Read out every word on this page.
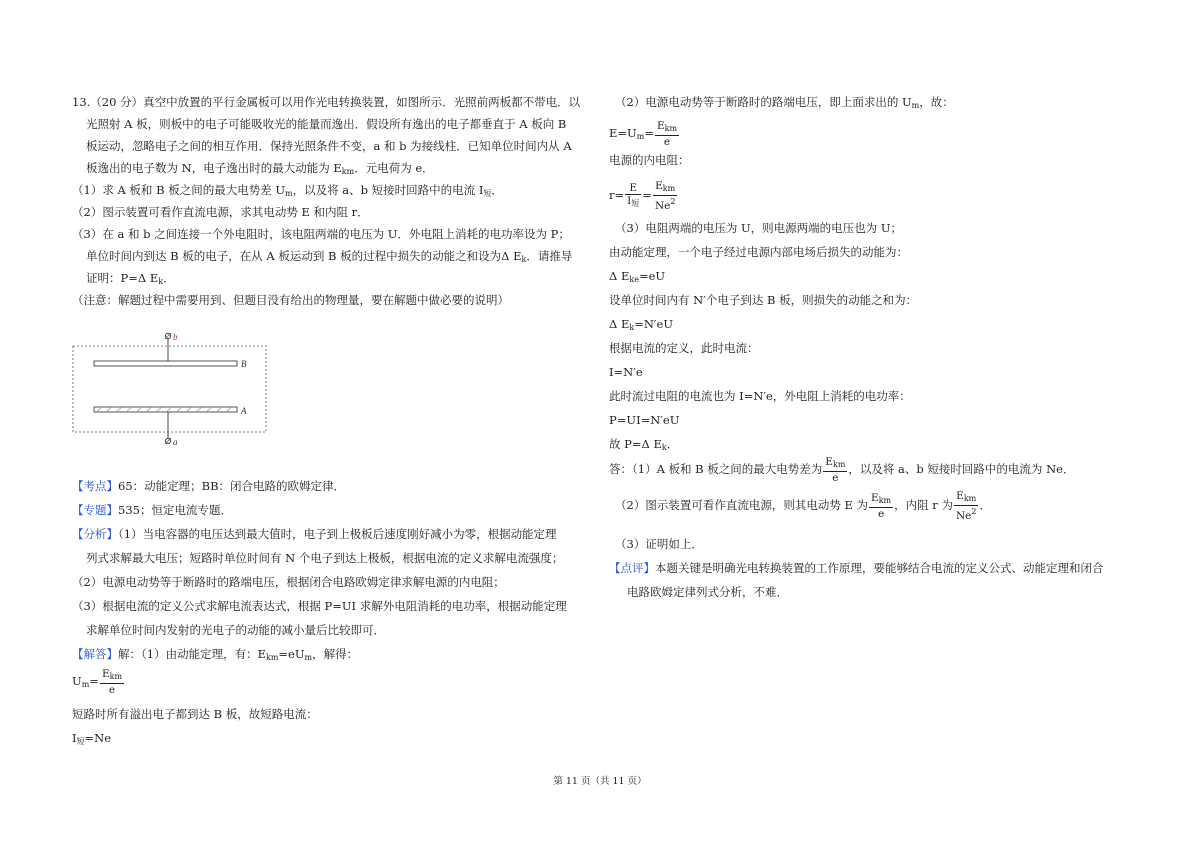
13.（20 分）真空中放置的平行金属板可以用作光电转换装置，如图所示．光照前两板都不带电．以
光照射 A 板，则板中的电子可能吸收光的能量而逸出．假设所有逸出的电子都垂直于 A 板向 B
板运动，忽略电子之间的相互作用．保持光照条件不变，a 和 b 为接线柱．已知单位时间内从 A
板逸出的电子数为 N，电子逸出时的最大动能为 $E_{km}$．元电荷为 e．
（1）求 A 板和 B 板之间的最大电势差 $U_m$，以及将 a、b 短接时回路中的电流 $I_短$．
（2）图示装置可看作直流电源，求其电动势 E 和内阻 r．
（3）在 a 和 b 之间连接一个外电阻时，该电阻两端的电压为 U．外电阻上消耗的电功率设为 P；
单位时间内到达 B 板的电子，在从 A 板运动到 B 板的过程中损失的动能之和设为Δ $E_k$．请推导
证明：P=Δ $E_k$．
（注意：解题过程中需要用到、但题目没有给出的物理量，要在解题中做必要的说明）
【考点】65：动能定理；BB：闭合电路的欧姆定律．
【专题】535；恒定电流专题．
【分析】（1）当电容器的电压达到最大值时，电子到上极板后速度刚好减小为零，根据动能定理
列式求解最大电压；短路时单位时间有 N 个电子到达上极板，根据电流的定义求解电流强度；
（2）电源电动势等于断路时的路端电压，根据闭合电路欧姆定律求解电源的内电阻；
（3）根据电流的定义公式求解电流表达式，根据 P=UI 求解外电阻消耗的电功率，根据动能定理
求解单位时间内发射的光电子的动能的减小量后比较即可．
【解答】解：（1）由动能定理，有：$E_{km}=eU_m$，解得：
$U_m= \frac{E_{km}}{e}$
短路时所有溢出电子都到达 B 板，故短路电流：
$I_短=Ne$
b
B
A
a
（2）电源电动势等于断路时的路端电压，即上面求出的 $U_m$，故：
$E=U_m= \frac{E_{km}}{e}$
电源的内电阻：
$r= \frac{E}{I_短} = \frac{E_{km}}{Ne^2}$
（3）电阻两端的电压为 U，则电源两端的电压也为 U；
由动能定理，一个电子经过电源内部电场后损失的动能为：
Δ $E_{ke}=eU$
设单位时间内有 N′个电子到达 B 板，则损失的动能之和为：
Δ $E_k=N'eU$
根据电流的定义，此时电流：
I=N′e
此时流过电阻的电流也为 I=N′e，外电阻上消耗的电功率：
P=UI=N′eU
故 P=Δ $E_k$．
答：（1）A 板和 B 板之间的最大电势差为 $\frac{E_{km}}{e}$ ，以及将 a、b 短接时回路中的电流为 Ne．
（2）图示装置可看作直流电源，则其电动势 E 为 $\frac{E_{km}}{e}$ ，内阻 r 为 $\frac{E_{km}}{Ne^2}$ ．
（3）证明如上．
【点评】本题关键是明确光电转换装置的工作原理，要能够结合电流的定义公式、动能定理和闭合
电路欧姆定律列式分析，不难．
第 11 页（共 11 页）
